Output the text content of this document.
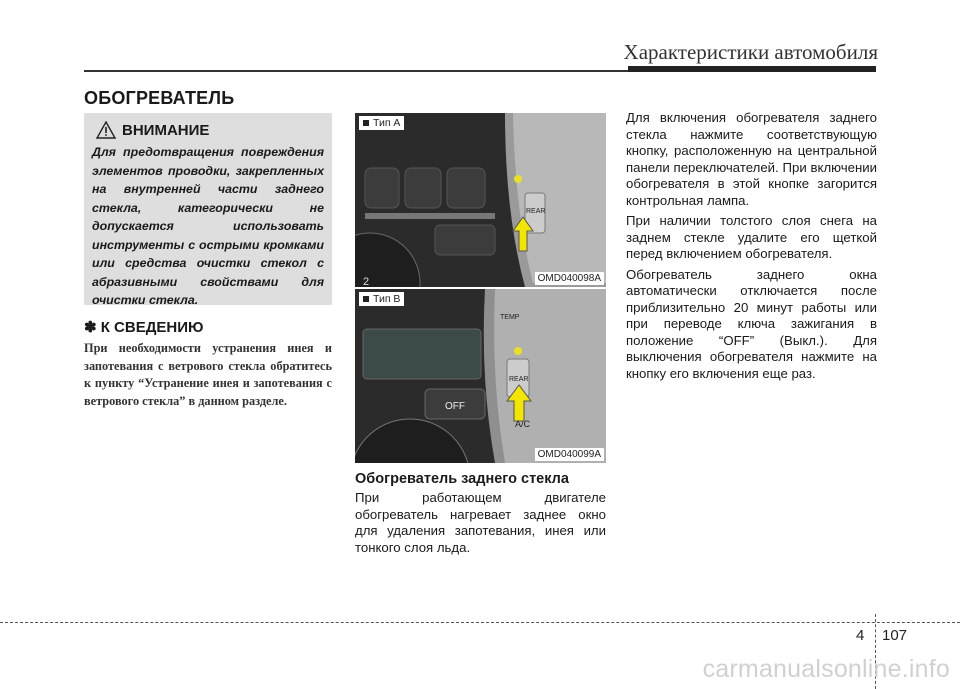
Характеристики автомобиля
ОБОГРЕВАТЕЛЬ
ВНИМАНИЕ
Для предотвращения повреждения элементов проводки, закрепленных на внутренней части заднего стекла, категорически не допускается использовать инструменты с острыми кромками или средства очистки стекол с абразивными свойствами для очистки стекла.
✽ К СВЕДЕНИЮ
При необходимости устранения инея и запотевания с ветрового стекла обратитесь к пункту “Устранение инея и запотевания с ветрового стекла” в данном разделе.
2
REAR
Тип A
OMD040098A
OFF
TEMP
REAR
A/C
Тип B
OMD040099A
Обогреватель заднего стекла
При работающем двигателе обогреватель нагревает заднее окно для удаления запотевания, инея или тонкого слоя льда.

Для включения обогревателя заднего стекла нажмите соответствующую кнопку, расположенную на центральной панели переключателей. При включении обогревателя в этой кнопке загорится контрольная лампа.

При наличии толстого слоя снега на заднем стекле удалите его щеткой перед включением обогревателя.

Обогреватель заднего окна автоматически отключается после приблизительно 20 минут работы или при переводе ключа зажигания в положение “OFF” (Выкл.). Для выключения обогревателя нажмите на кнопку его включения еще раз.

4 107
carmanualsonline.info
